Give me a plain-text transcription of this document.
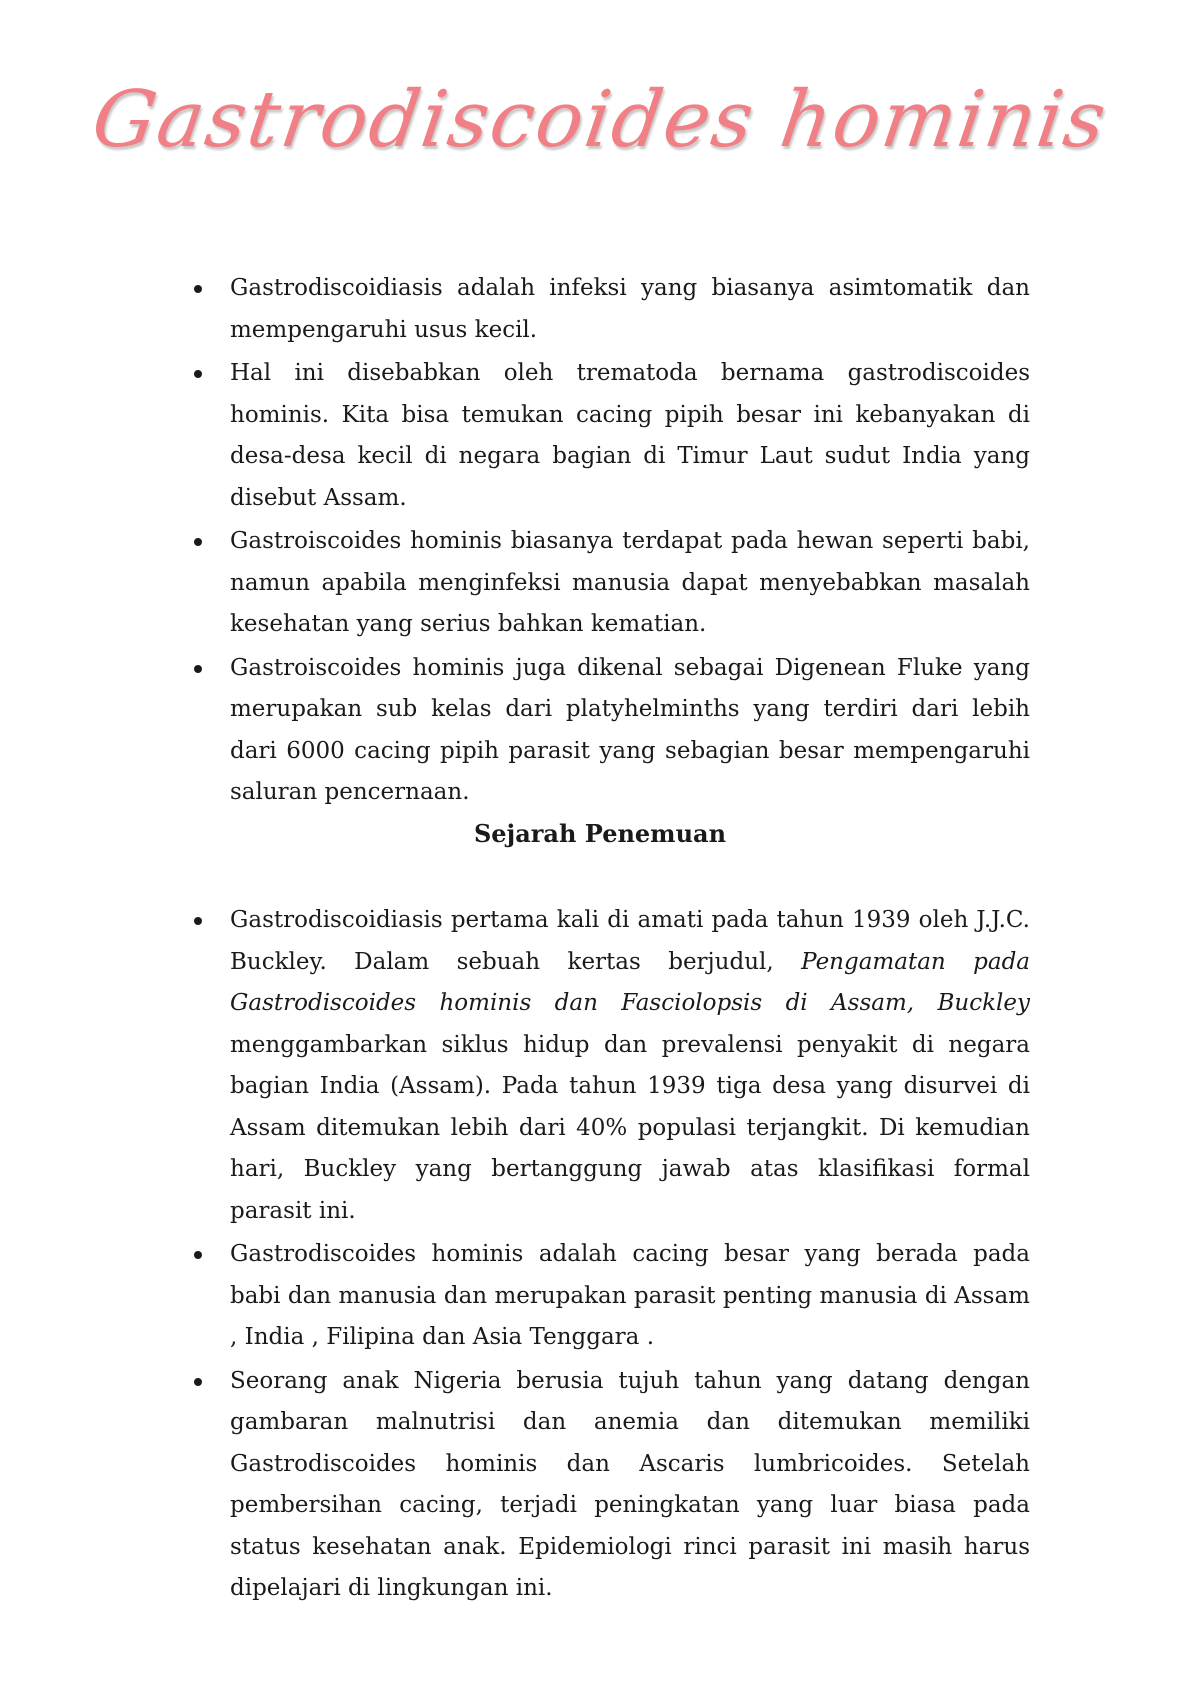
Gastrodiscoides hominis
Gastrodiscoidiasis adalah infeksi yang biasanya asimtomatik dan mempengaruhi usus kecil.
Hal ini disebabkan oleh trematoda bernama gastrodiscoides hominis. Kita bisa temukan cacing pipih besar ini kebanyakan di desa-desa kecil di negara bagian di Timur Laut sudut India yang disebut Assam.
Gastroiscoides hominis biasanya terdapat pada hewan seperti babi, namun apabila menginfeksi manusia dapat menyebabkan masalah kesehatan yang serius bahkan kematian.
Gastroiscoides hominis juga dikenal sebagai Digenean Fluke yang merupakan sub kelas dari platyhelminths yang terdiri dari lebih dari 6000 cacing pipih parasit yang sebagian besar mempengaruhi saluran pencernaan.
Sejarah Penemuan
Gastrodiscoidiasis pertama kali di amati pada tahun 1939 oleh J.J.C. Buckley. Dalam sebuah kertas berjudul, Pengamatan pada Gastrodiscoides hominis dan Fasciolopsis di Assam, Buckley menggambarkan siklus hidup dan prevalensi penyakit di negara bagian India (Assam). Pada tahun 1939 tiga desa yang disurvei di Assam ditemukan lebih dari 40% populasi terjangkit. Di kemudian hari, Buckley yang bertanggung jawab atas klasifikasi formal parasit ini.
Gastrodiscoides hominis adalah cacing besar yang berada pada babi dan manusia dan merupakan parasit penting manusia di Assam , India , Filipina dan Asia Tenggara .
Seorang anak Nigeria berusia tujuh tahun yang datang dengan gambaran malnutrisi dan anemia dan ditemukan memiliki Gastrodiscoides hominis dan Ascaris lumbricoides. Setelah pembersihan cacing, terjadi peningkatan yang luar biasa pada status kesehatan anak. Epidemiologi rinci parasit ini masih harus dipelajari di lingkungan ini.
